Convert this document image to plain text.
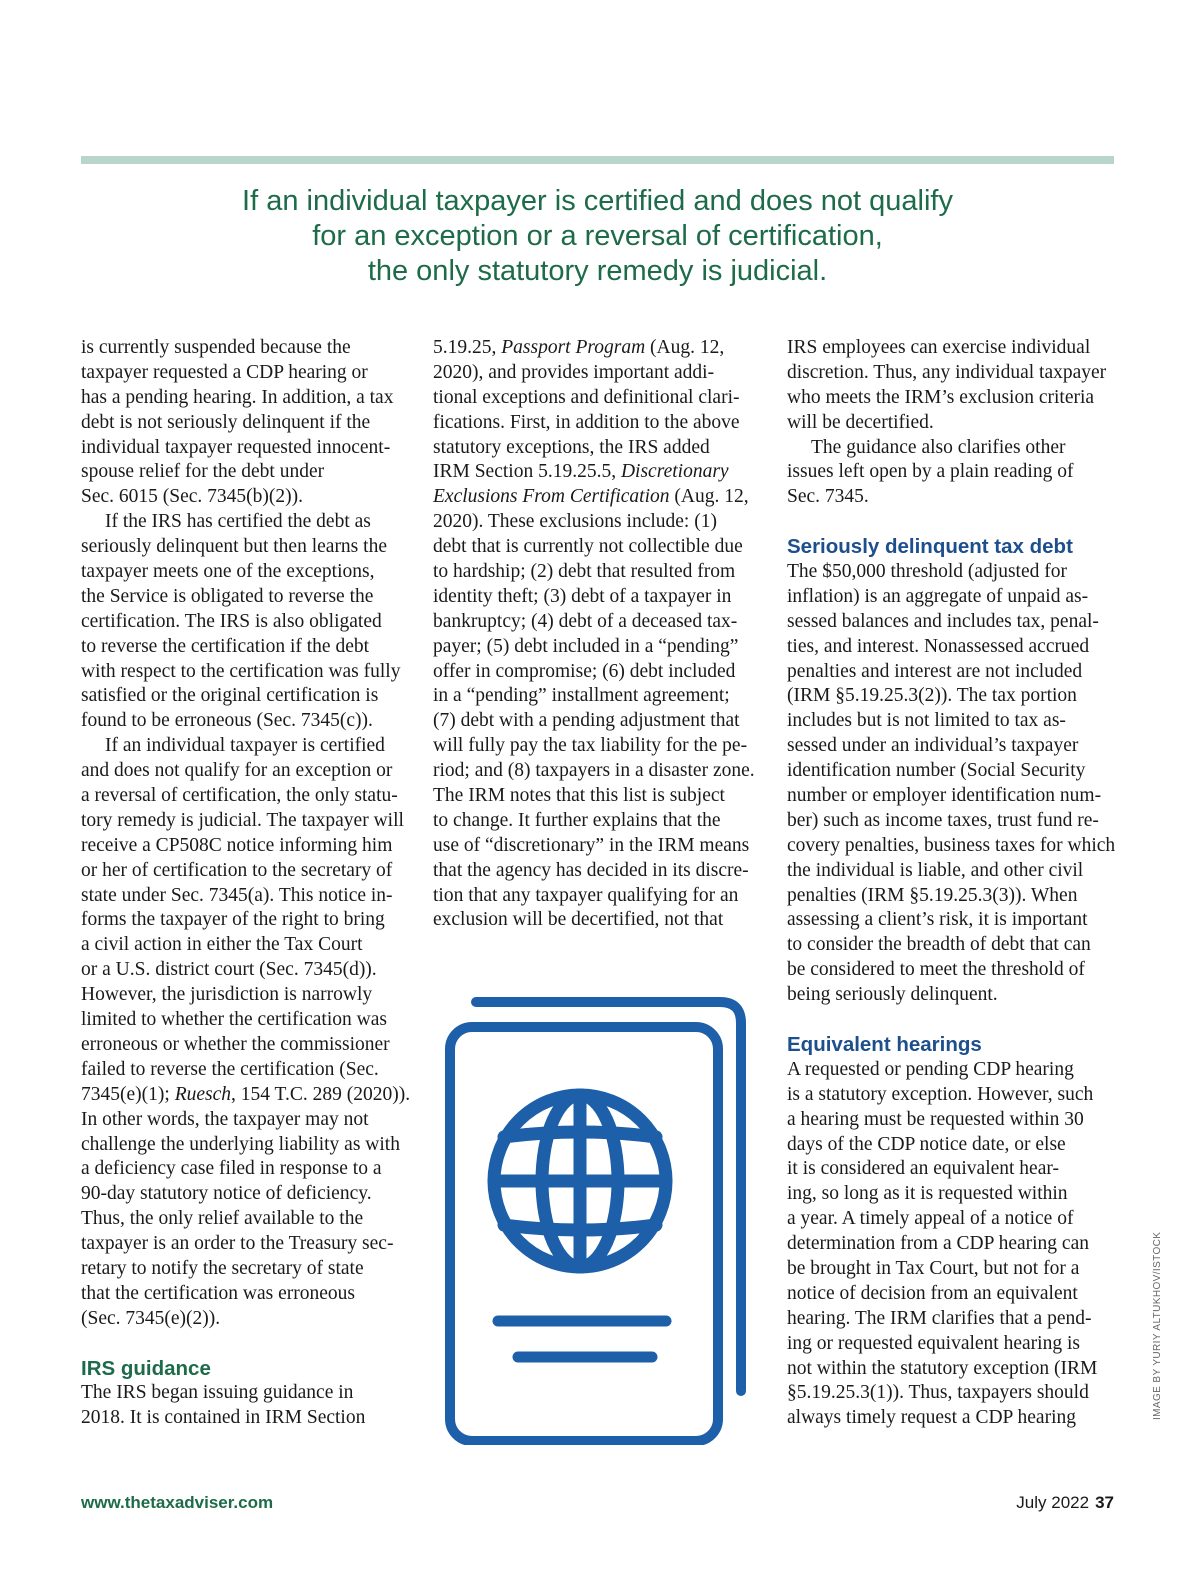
If an individual taxpayer is certified and does not qualify
for an exception or a reversal of certification,
the only statutory remedy is judicial.
is currently suspended because the
taxpayer requested a CDP hearing or
has a pending hearing. In addition, a tax
debt is not seriously delinquent if the
individual taxpayer requested innocent-
spouse relief for the debt under
Sec. 6015 (Sec. 7345(b)(2)).
If the IRS has certified the debt as
seriously delinquent but then learns the
taxpayer meets one of the exceptions,
the Service is obligated to reverse the
certification. The IRS is also obligated
to reverse the certification if the debt
with respect to the certification was fully
satisfied or the original certification is
found to be erroneous (Sec. 7345(c)).
If an individual taxpayer is certified
and does not qualify for an exception or
a reversal of certification, the only statu-
tory remedy is judicial. The taxpayer will
receive a CP508C notice informing him
or her of certification to the secretary of
state under Sec. 7345(a). This notice in-
forms the taxpayer of the right to bring
a civil action in either the Tax Court
or a U.S. district court (Sec. 7345(d)).
However, the jurisdiction is narrowly
limited to whether the certification was
erroneous or whether the commissioner
failed to reverse the certification (Sec.
7345(e)(1); Ruesch, 154 T.C. 289 (2020)).
In other words, the taxpayer may not
challenge the underlying liability as with
a deficiency case filed in response to a
90-day statutory notice of deficiency.
Thus, the only relief available to the
taxpayer is an order to the Treasury sec-
retary to notify the secretary of state
that the certification was erroneous
(Sec. 7345(e)(2)).
IRS guidance
The IRS began issuing guidance in
2018. It is contained in IRM Section
5.19.25, Passport Program (Aug. 12,
2020), and provides important addi-
tional exceptions and definitional clari-
fications. First, in addition to the above
statutory exceptions, the IRS added
IRM Section 5.19.25.5, Discretionary
Exclusions From Certification (Aug. 12,
2020). These exclusions include: (1)
debt that is currently not collectible due
to hardship; (2) debt that resulted from
identity theft; (3) debt of a taxpayer in
bankruptcy; (4) debt of a deceased tax-
payer; (5) debt included in a “pending”
offer in compromise; (6) debt included
in a “pending” installment agreement;
(7) debt with a pending adjustment that
will fully pay the tax liability for the pe-
riod; and (8) taxpayers in a disaster zone.
The IRM notes that this list is subject
to change. It further explains that the
use of “discretionary” in the IRM means
that the agency has decided in its discre-
tion that any taxpayer qualifying for an
exclusion will be decertified, not that
IRS employees can exercise individual
discretion. Thus, any individual taxpayer
who meets the IRM’s exclusion criteria
will be decertified.
The guidance also clarifies other
issues left open by a plain reading of
Sec. 7345.
Seriously delinquent tax debt
The $50,000 threshold (adjusted for
inflation) is an aggregate of unpaid as-
sessed balances and includes tax, penal-
ties, and interest. Nonassessed accrued
penalties and interest are not included
(IRM §5.19.25.3(2)). The tax portion
includes but is not limited to tax as-
sessed under an individual’s taxpayer
identification number (Social Security
number or employer identification num-
ber) such as income taxes, trust fund re-
covery penalties, business taxes for which
the individual is liable, and other civil
penalties (IRM §5.19.25.3(3)). When
assessing a client’s risk, it is important
to consider the breadth of debt that can
be considered to meet the threshold of
being seriously delinquent.
Equivalent hearings
A requested or pending CDP hearing
is a statutory exception. However, such
a hearing must be requested within 30
days of the CDP notice date, or else
it is considered an equivalent hear-
ing, so long as it is requested within
a year. A timely appeal of a notice of
determination from a CDP hearing can
be brought in Tax Court, but not for a
notice of decision from an equivalent
hearing. The IRM clarifies that a pend-
ing or requested equivalent hearing is
not within the statutory exception (IRM
§5.19.25.3(1)). Thus, taxpayers should
always timely request a CDP hearing	IMAGE BY YURIY ALTUKHOV/ISTOCK
www.thetaxadviser.com	July 2022 37
